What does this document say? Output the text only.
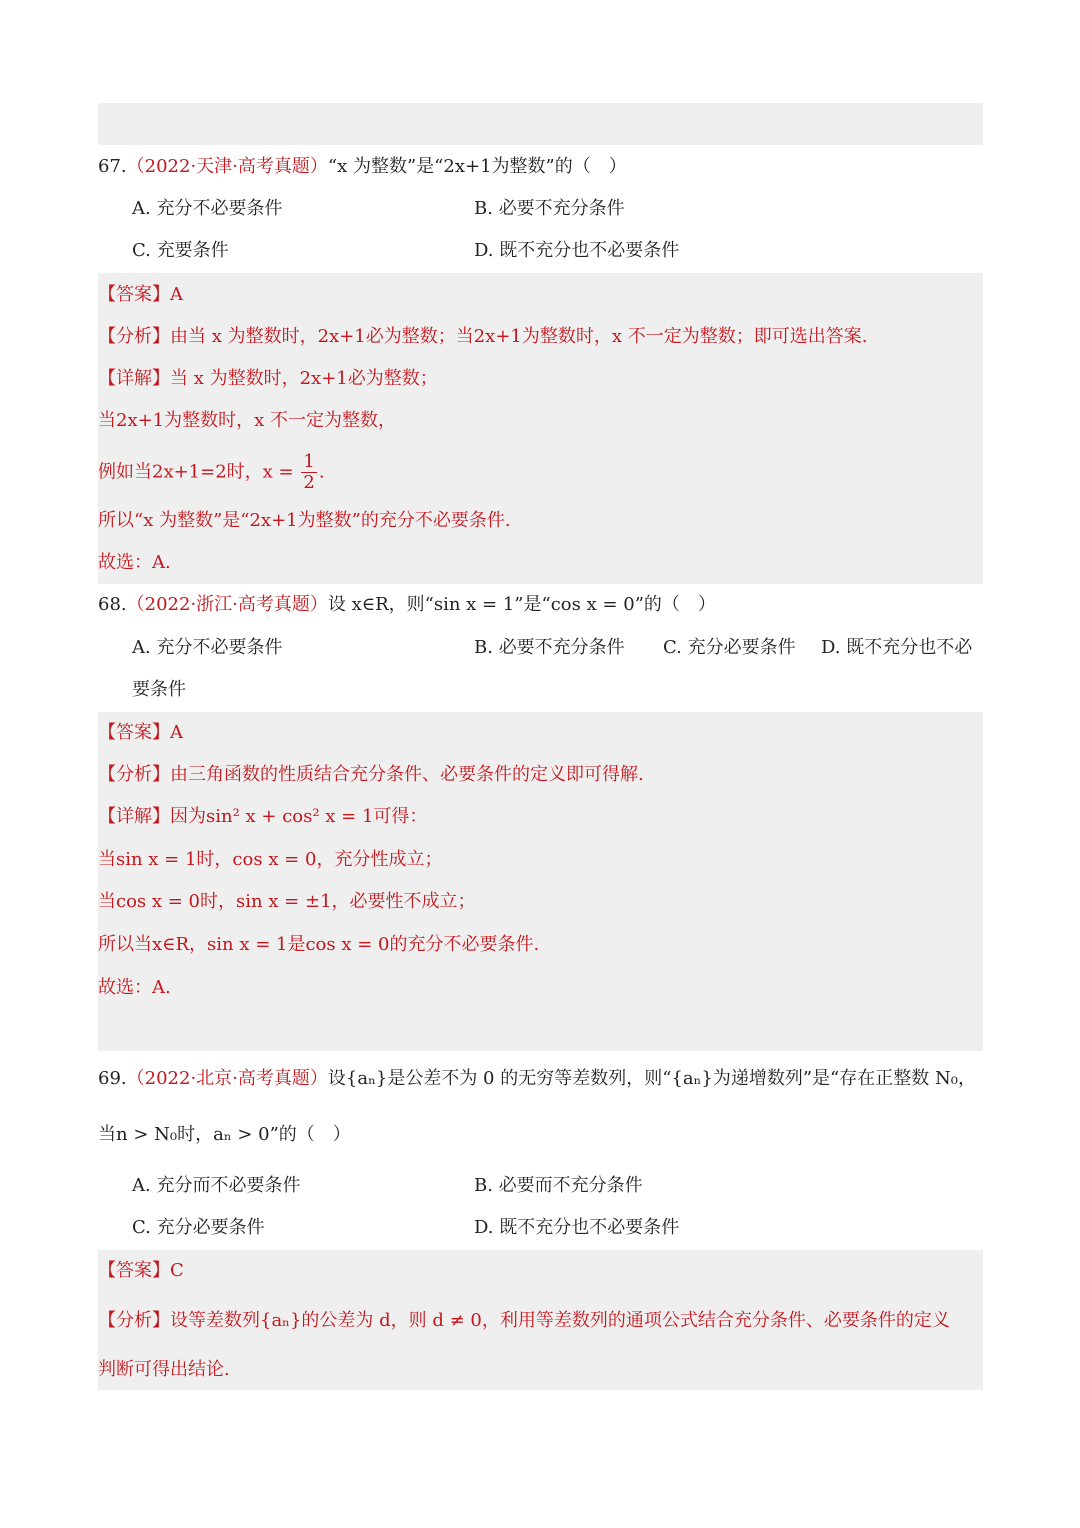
67.（2022·天津·高考真题）“x 为整数”是“2x+1为整数”的（　）
A. 充分不必要条件	B. 必要不充分条件
C. 充要条件	D. 既不充分也不必要条件
【答案】A
【分析】由当 x 为整数时，2x+1必为整数；当2x+1为整数时，x 不一定为整数；即可选出答案.
【详解】当 x 为整数时，2x+1必为整数；
当2x+1为整数时，x 不一定为整数，
例如当2x+1=2时，$x = \frac{1}{2}$ .
所以“x 为整数”是“2x+1为整数”的充分不必要条件.
故选：A.
68.（2022·浙江·高考真题）设 x∈R，则“sin x = 1”是“cos x = 0”的（　）
A. 充分不必要条件	B. 必要不充分条件 C. 充分必要条件 D. 既不充分也不必
要条件
【答案】A
【分析】由三角函数的性质结合充分条件、必要条件的定义即可得解.
【详解】因为sin² x + cos² x = 1可得：
当sin x = 1时，cos x = 0，充分性成立；
当cos x = 0时，sin x = ±1，必要性不成立；
所以当x∈R，sin x = 1是cos x = 0的充分不必要条件.
故选：A.
69.（2022·北京·高考真题）设{aₙ}是公差不为 0 的无穷等差数列，则“{aₙ}为递增数列”是“存在正整数 N₀，
当n > N₀时，aₙ > 0”的（　）
A. 充分而不必要条件	B. 必要而不充分条件
C. 充分必要条件	D. 既不充分也不必要条件
【答案】C
【分析】设等差数列{aₙ}的公差为 d，则 d ≠ 0，利用等差数列的通项公式结合充分条件、必要条件的定义
判断可得出结论.
